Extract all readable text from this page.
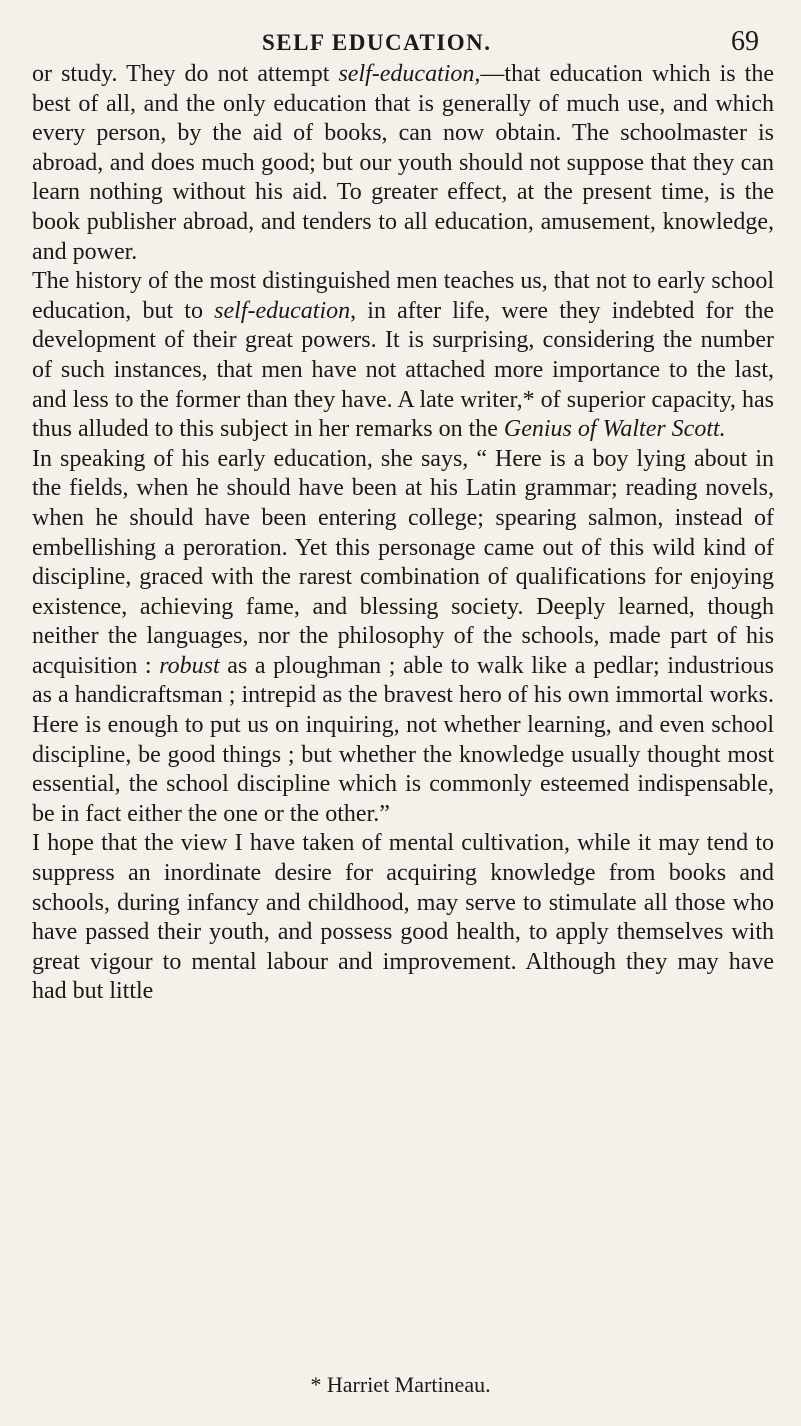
SELF EDUCATION.	69

or study. They do not attempt self-education,—that education which is the best of all, and the only education that is generally of much use, and which every person, by the aid of books, can now obtain. The schoolmaster is abroad, and does much good; but our youth should not suppose that they can learn nothing without his aid. To greater effect, at the present time, is the book publisher abroad, and tenders to all education, amusement, knowledge, and power.

The history of the most distinguished men teaches us, that not to early school education, but to self-education, in after life, were they indebted for the development of their great powers. It is surprising, considering the number of such instances, that men have not attached more importance to the last, and less to the former than they have. A late writer,* of superior capacity, has thus alluded to this subject in her remarks on the Genius of Walter Scott.

In speaking of his early education, she says, “ Here is a boy lying about in the fields, when he should have been at his Latin grammar; reading novels, when he should have been entering college; spearing salmon, instead of embellishing a peroration. Yet this personage came out of this wild kind of discipline, graced with the rarest combination of qualifications for enjoying existence, achieving fame, and blessing society. Deeply learned, though neither the languages, nor the philosophy of the schools, made part of his acquisition : robust as a ploughman ; able to walk like a pedlar; industrious as a handicraftsman ; intrepid as the bravest hero of his own immortal works. Here is enough to put us on inquiring, not whether learning, and even school discipline, be good things ; but whether the knowledge usually thought most essential, the school discipline which is commonly esteemed indispensable, be in fact either the one or the other.”

I hope that the view I have taken of mental cultivation, while it may tend to suppress an inordinate desire for acquiring knowledge from books and schools, during infancy and childhood, may serve to stimulate all those who have passed their youth, and possess good health, to apply themselves with great vigour to mental labour and improvement. Although they may have had but little

* Harriet Martineau.
